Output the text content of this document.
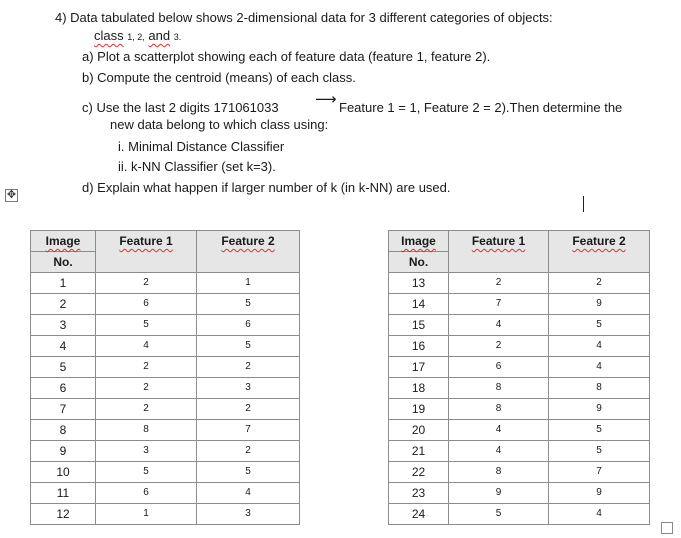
4) Data tabulated below shows 2-dimensional data for 3 different categories of objects:
class 1, 2, and 3.
a) Plot a scatterplot showing each of feature data (feature 1, feature 2).
b) Compute the centroid (means) of each class.
c) Use the last 2 digits 171061033 ⟶ Feature 1 = 1, Feature 2 = 2).Then determine the
new data belong to which class using:
i. Minimal Distance Classifier
ii. k-NN Classifier (set k=3).
d) Explain what happen if larger number of k (in k-NN) are used.
✥
Image	Feature 1	Feature 2
No.		
1	2	1
2	6	5
3	5	6
4	4	5
5	2	2
6	2	3
7	2	2
8	8	7
9	3	2
10	5	5
11	6	4
12	1	3
Image	Feature 1	Feature 2
No.		
13	2	2
14	7	9
15	4	5
16	2	4
17	6	4
18	8	8
19	8	9
20	4	5
21	4	5
22	8	7
23	9	9
24	5	4
